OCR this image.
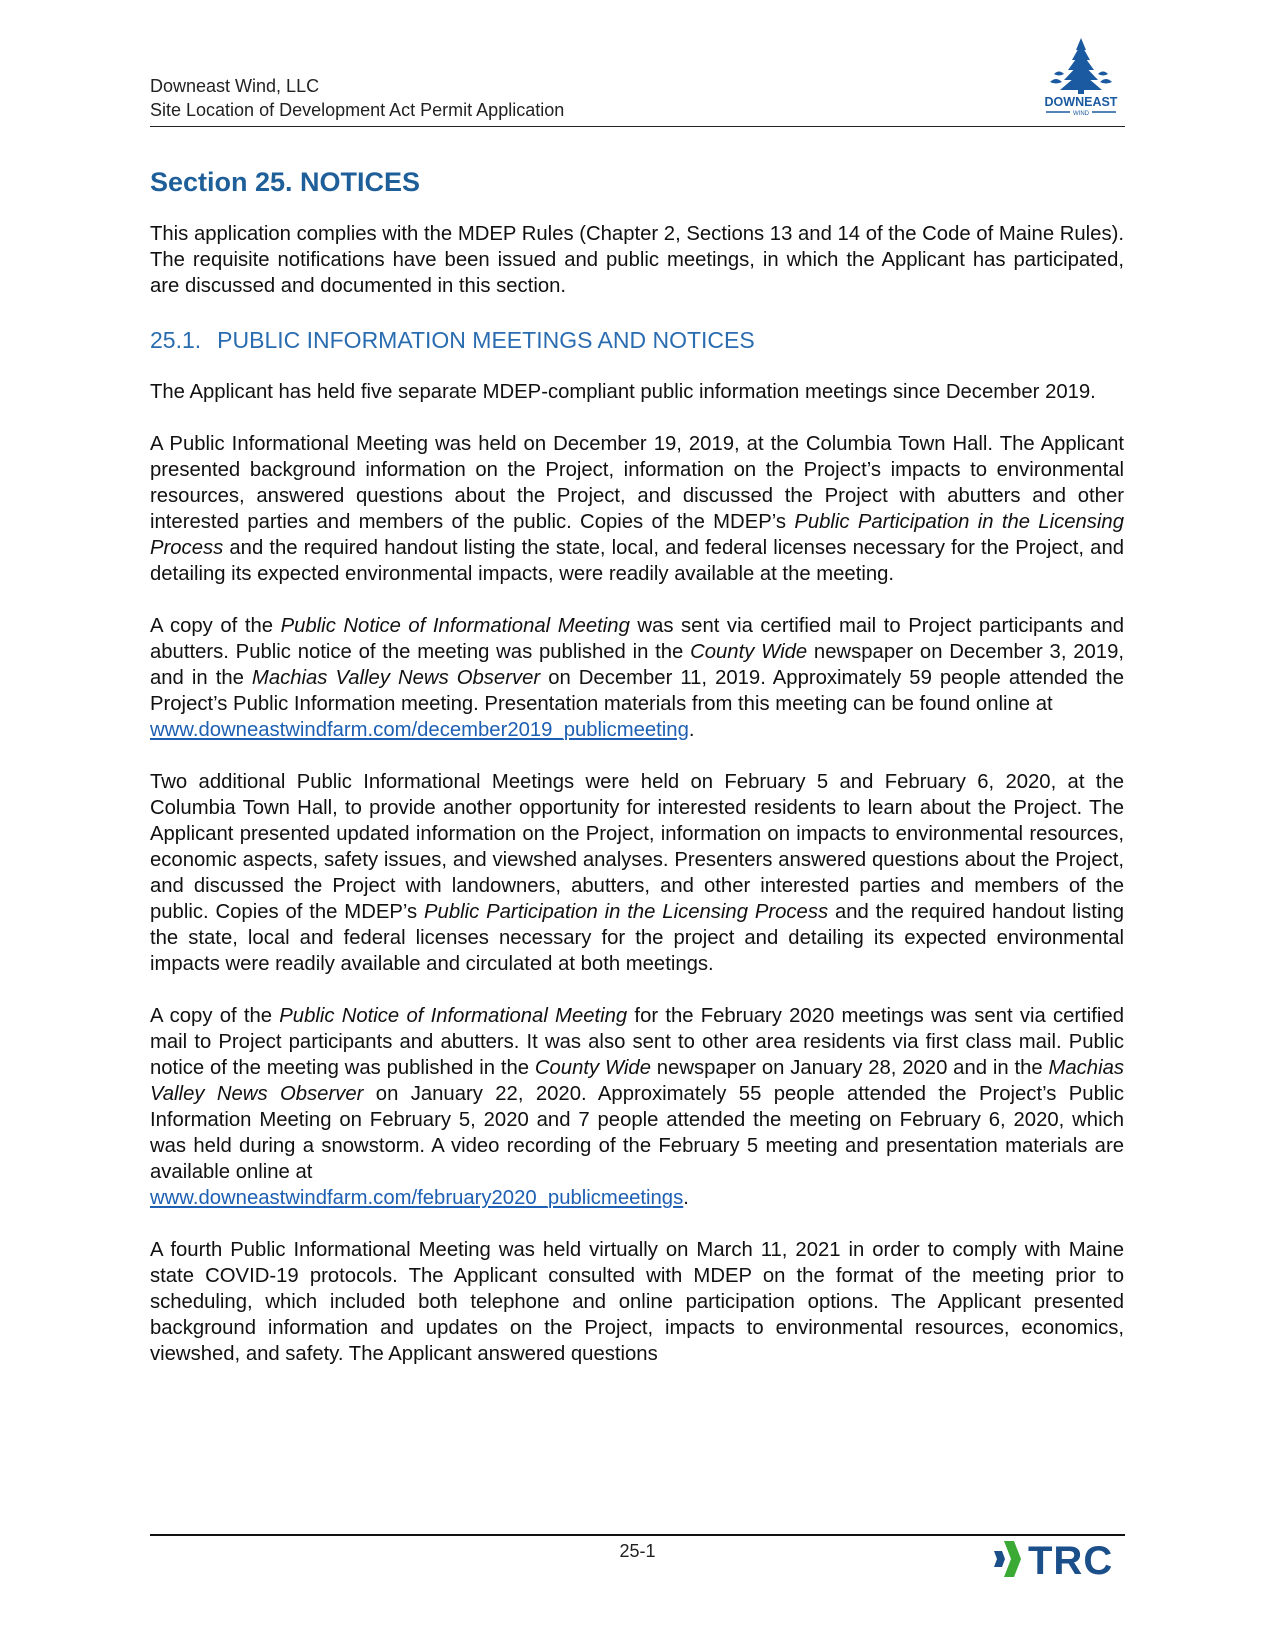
Downeast Wind, LLC
Site Location of Development Act Permit Application	DOWNEAST
WIND
Section 25. NOTICES

This application complies with the MDEP Rules (Chapter 2, Sections 13 and 14 of the Code of Maine Rules). The requisite notifications have been issued and public meetings, in which the Applicant has participated, are discussed and documented in this section.

25.1. PUBLIC INFORMATION MEETINGS AND NOTICES

The Applicant has held five separate MDEP-compliant public information meetings since December 2019.

A Public Informational Meeting was held on December 19, 2019, at the Columbia Town Hall. The Applicant presented background information on the Project, information on the Project’s impacts to environmental resources, answered questions about the Project, and discussed the Project with abutters and other interested parties and members of the public. Copies of the MDEP’s Public Participation in the Licensing Process and the required handout listing the state, local, and federal licenses necessary for the Project, and detailing its expected environmental impacts, were readily available at the meeting.

A copy of the Public Notice of Informational Meeting was sent via certified mail to Project participants and abutters. Public notice of the meeting was published in the County Wide newspaper on December 3, 2019, and in the Machias Valley News Observer on December 11, 2019. Approximately 59 people attended the Project’s Public Information meeting. Presentation materials from this meeting can be found online at
www.downeastwindfarm.com/december2019_publicmeeting.

Two additional Public Informational Meetings were held on February 5 and February 6, 2020, at the Columbia Town Hall, to provide another opportunity for interested residents to learn about the Project. The Applicant presented updated information on the Project, information on impacts to environmental resources, economic aspects, safety issues, and viewshed analyses. Presenters answered questions about the Project, and discussed the Project with landowners, abutters, and other interested parties and members of the public. Copies of the MDEP’s Public Participation in the Licensing Process and the required handout listing the state, local and federal licenses necessary for the project and detailing its expected environmental impacts were readily available and circulated at both meetings.

A copy of the Public Notice of Informational Meeting for the February 2020 meetings was sent via certified mail to Project participants and abutters. It was also sent to other area residents via first class mail. Public notice of the meeting was published in the County Wide newspaper on January 28, 2020 and in the Machias Valley News Observer on January 22, 2020. Approximately 55 people attended the Project’s Public Information Meeting on February 5, 2020 and 7 people attended the meeting on February 6, 2020, which was held during a snowstorm. A video recording of the February 5 meeting and presentation materials are available online at
www.downeastwindfarm.com/february2020_publicmeetings.

A fourth Public Informational Meeting was held virtually on March 11, 2021 in order to comply with Maine state COVID-19 protocols. The Applicant consulted with MDEP on the format of the meeting prior to scheduling, which included both telephone and online participation options. The Applicant presented background information and updates on the Project, impacts to environmental resources, economics, viewshed, and safety. The Applicant answered questions

25-1	TRC
